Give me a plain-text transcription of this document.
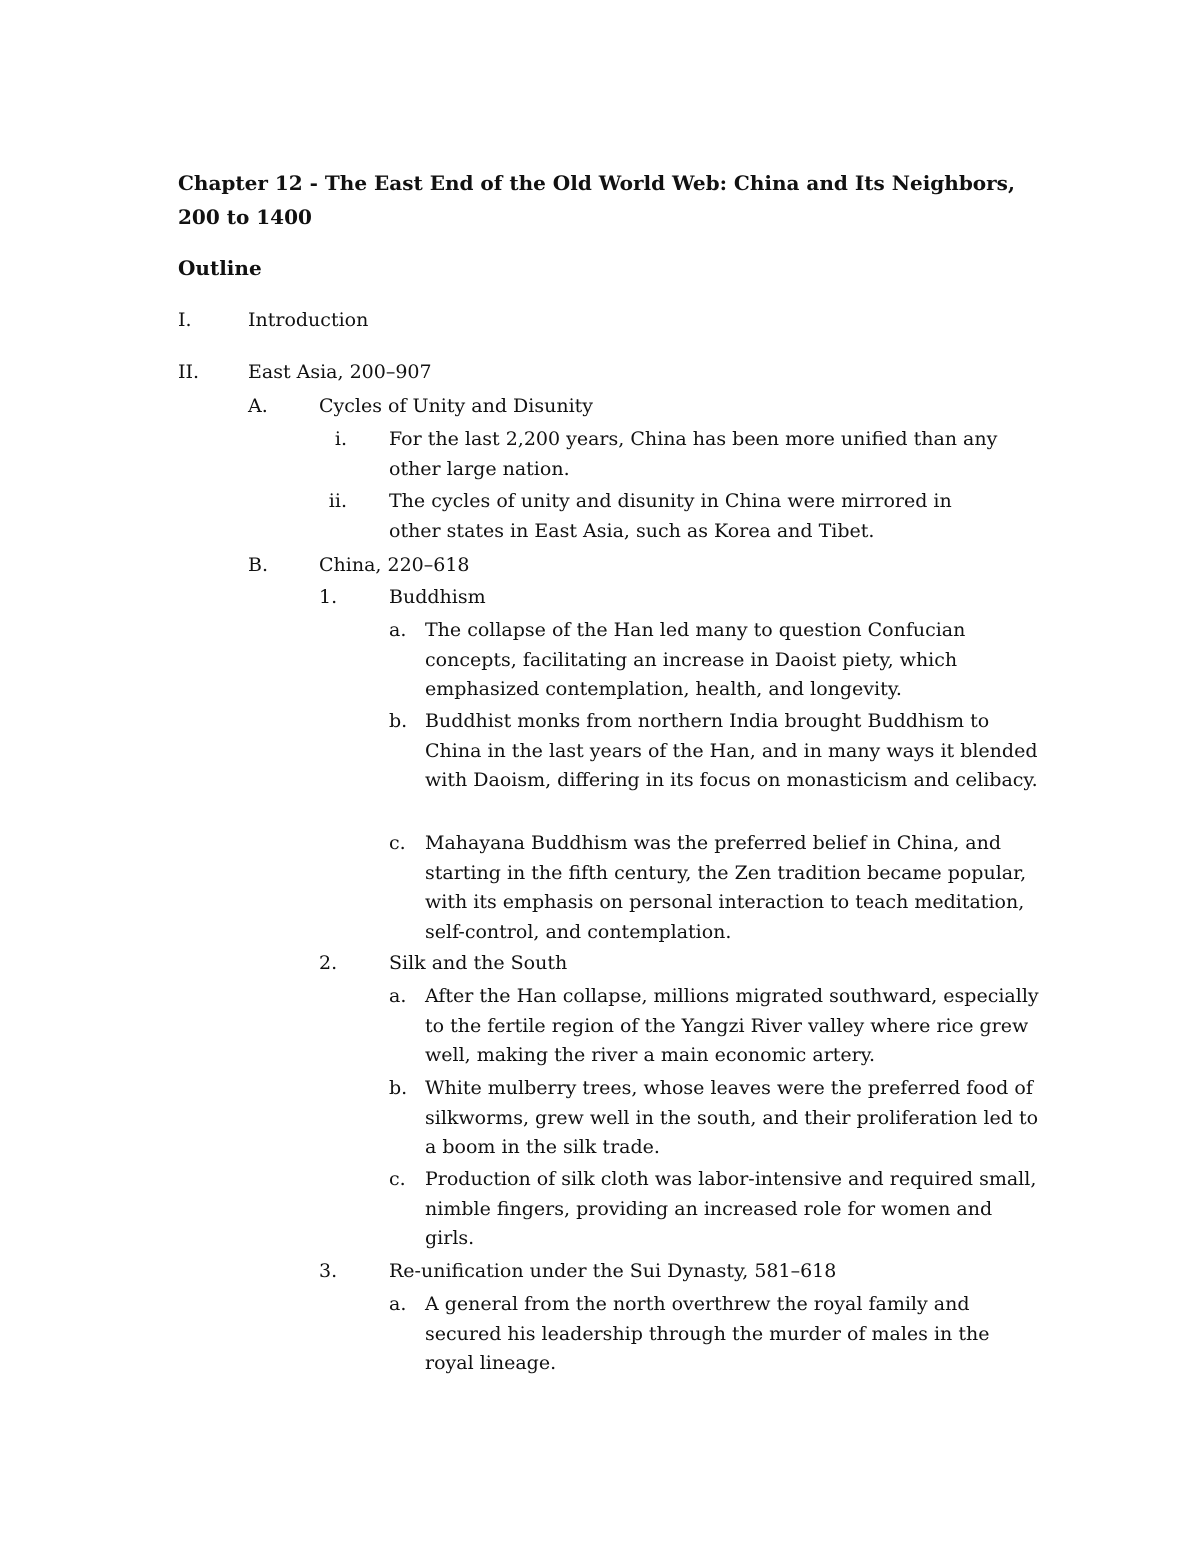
Chapter 12 - The East End of the Old World Web: China and Its Neighbors, 200 to 1400
Outline
I.	Introduction
II.	East Asia, 200–907
A.	Cycles of Unity and Disunity
i. For the last 2,200 years, China has been more unified than any other large nation.

ii. The cycles of unity and disunity in China were mirrored in other states in East Asia, such as Korea and Tibet.

B.	China, 220–618
1.	Buddhism
a. The collapse of the Han led many to question Confucian concepts, facilitating an increase in Daoist piety, which emphasized contemplation, health, and longevity.

b. Buddhist monks from northern India brought Buddhism to China in the last years of the Han, and in many ways it blended with Daoism, differing in its focus on monasticism and celibacy.

c. Mahayana Buddhism was the preferred belief in China, and starting in the fifth century, the Zen tradition became popular, with its emphasis on personal interaction to teach meditation, self-control, and contemplation.

2.	Silk and the South
a. After the Han collapse, millions migrated southward, especially to the fertile region of the Yangzi River valley where rice grew well, making the river a main economic artery.

b. White mulberry trees, whose leaves were the preferred food of silkworms, grew well in the south, and their proliferation led to a boom in the silk trade.

c. Production of silk cloth was labor-intensive and required small, nimble fingers, providing an increased role for women and girls.

3.	Re-unification under the Sui Dynasty, 581–618
a. A general from the north overthrew the royal family and secured his leadership through the murder of males in the royal lineage.
